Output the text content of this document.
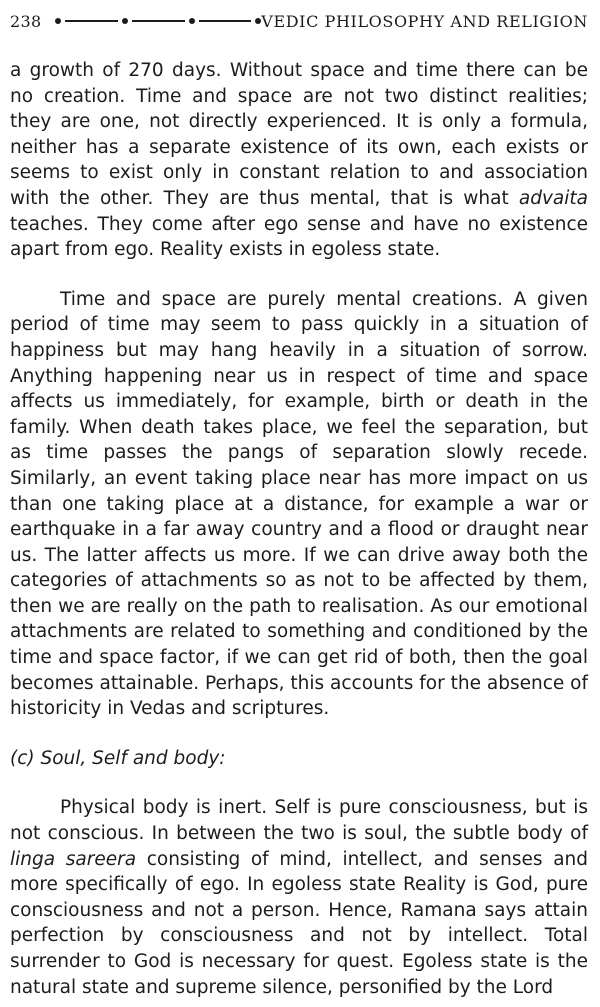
238	VEDIC PHILOSOPHY AND RELIGION

a growth of 270 days. Without space and time there can be no creation. Time and space are not two distinct realities; they are one, not directly experienced. It is only a formula, neither has a separate existence of its own, each exists or seems to exist only in constant relation to and association with the other. They are thus mental, that is what advaita teaches. They come after ego sense and have no existence apart from ego. Reality exists in egoless state.

Time and space are purely mental creations. A given period of time may seem to pass quickly in a situation of happiness but may hang heavily in a situation of sorrow. Anything happening near us in respect of time and space affects us immediately, for example, birth or death in the family. When death takes place, we feel the separation, but as time passes the pangs of separation slowly recede. Similarly, an event taking place near has more impact on us than one taking place at a distance, for example a war or earthquake in a far away country and a flood or draught near us. The latter affects us more. If we can drive away both the categories of attachments so as not to be affected by them, then we are really on the path to realisation. As our emotional attachments are related to something and conditioned by the time and space factor, if we can get rid of both, then the goal becomes attainable. Perhaps, this accounts for the absence of historicity in Vedas and scriptures.

(c) Soul, Self and body:

Physical body is inert. Self is pure consciousness, but is not conscious. In between the two is soul, the subtle body of linga sareera consisting of mind, intellect, and senses and more specifically of ego. In egoless state Reality is God, pure consciousness and not a person. Hence, Ramana says attain perfection by consciousness and not by intellect. Total surrender to God is necessary for quest. Egoless state is the natural state and supreme silence, personified by the Lord
